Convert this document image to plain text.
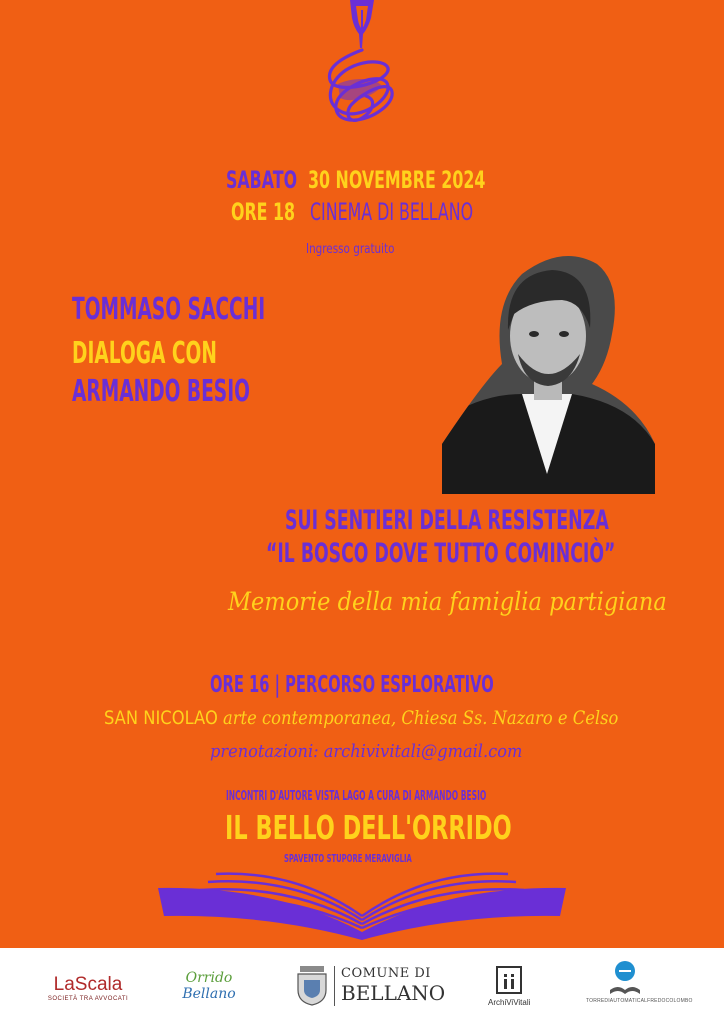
SABATO 30 NOVEMBRE 2024
ORE 18 CINEMA DI BELLANO
Ingresso gratuito
TOMMASO SACCHI
DIALOGA CON
ARMANDO BESIO
SUI SENTIERI DELLA RESISTENZA
“IL BOSCO DOVE TUTTO COMINCIÒ”
Memorie della mia famiglia partigiana
ORE 16 | PERCORSO ESPLORATIVO
SAN NICOLAO arte contemporanea, Chiesa Ss. Nazaro e Celso
prenotazioni: archivivitali@gmail.com
INCONTRI D'AUTORE VISTA LAGO A CURA DI ARMANDO BESIO
IL BELLO DELL'ORRIDO
SPAVENTO STUPORE MERAVIGLIA
LaScala
SOCIETÀ TRA AVVOCATI
Orrido
Bellano
COMUNE DI
BELLANO	ArchiViVitali	TORREDIAUTOMATICALFREDOCOLOMBO
